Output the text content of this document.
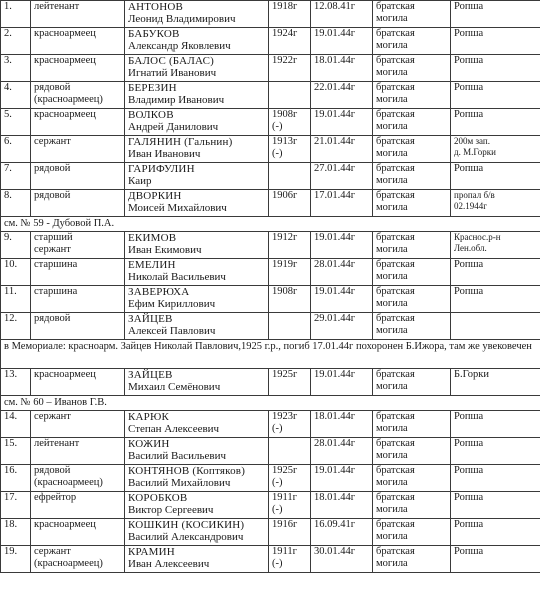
1.	лейтенант	АНТОНОВ
Леонид Владимирович	1918г	12.08.41г	братская
могила	Ропша

2.	красноармеец	БАБУКОВ
Александр Яковлевич	1924г	19.01.44г	братская
могила	Ропша

3.	красноармеец	БАЛОС (БАЛАС)
Игнатий Иванович	1922г	18.01.44г	братская
могила	Ропша

4.	рядовой
(красноармеец)	БЕРЕЗИН
Владимир Иванович		22.01.44г	братская
могила	Ропша

5.	красноармеец	ВОЛКОВ
Андрей Данилович	1908г
(-)	19.01.44г	братская
могила	Ропша

6.	сержант	ГАЛЯНИН (Гальнин)
Иван Иванович	1913г
(-)	21.01.44г	братская
могила	200м зап.
д. М.Горки

7.	рядовой	ГАРИФУЛИН
Каир		27.01.44г	братская
могила	Ропша

8.	рядовой	ДВОРКИН
Моисей Михайлович	1906г	17.01.44г	братская
могила	пропал б/в
02.1944г

см. № 59 - Дубовой П.А.						
9.	старший
сержант	ЕКИМОВ
Иван Екимович	1912г	19.01.44г	братская
могила	Краснос.р-н
Лен.обл.

10.	старшина	ЕМЕЛИН
Николай Васильевич	1919г	28.01.44г	братская
могила	Ропша

11.	старшина	ЗАВЕРЮХА
Ефим Кириллович	1908г	19.01.44г	братская
могила	Ропша

12.	рядовой	ЗАЙЦЕВ
Алексей Павлович		29.01.44г	братская
могила	

в Мемориале: красноарм. Зайцев Николай Павлович,1925 г.р., погиб 17.01.44г похоронен Б.Ижора, там же увековечен						
13.	красноармеец	ЗАЙЦЕВ
Михаил Семёнович	1925г	19.01.44г	братская
могила	Б.Горки

см. № 60 – Иванов Г.В.						
14.	сержант	КАРЮК
Степан Алексеевич	1923г
(-)	18.01.44г	братская
могила	Ропша

15.	лейтенант	КОЖИН
Василий Васильевич		28.01.44г	братская
могила	Ропша

16.	рядовой
(красноармеец)	КОНТЯНОВ (Коптяков)
Василий Михайлович	1925г
(-)	19.01.44г	братская
могила	Ропша

17.	ефрейтор	КОРОБКОВ
Виктор Сергеевич	1911г
(-)	18.01.44г	братская
могила	Ропша

18.	красноармеец	КОШКИН (КОСИКИН)
Василий Александрович	1916г	16.09.41г	братская
могила	Ропша

19.	сержант
(красноармеец)	КРАМИН
Иван Алексеевич	1911г
(-)	30.01.44г	братская
могила	Ропша
